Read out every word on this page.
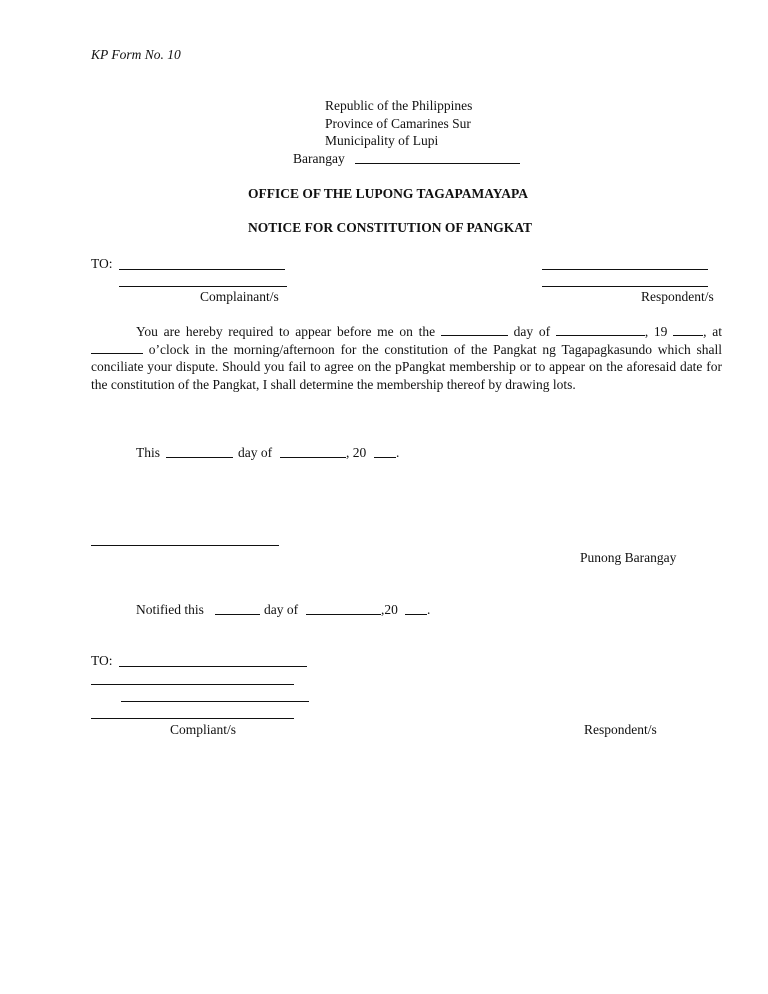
KP Form No. 10
Republic of the Philippines
Province of Camarines Sur
Municipality of Lupi
Barangay
OFFICE OF THE LUPONG TAGAPAMAYAPA
NOTICE FOR CONSTITUTION OF PANGKAT
TO:
Complainant/s	Respondent/s
You are hereby required to appear before me on the	day of	, 19	, at  o’clock in the morning/afternoon for the constitution of the Pangkat ng Tagapagkasundo which shall conciliate your dispute. Should you fail to agree on the pPangkat membership or to appear on the aforesaid date for the constitution of the Pangkat, I shall determine the membership thereof by drawing lots.
This	day of	, 20 .
Punong Barangay
Notified this	day of	,20 .
TO:
Compliant/s	Respondent/s
